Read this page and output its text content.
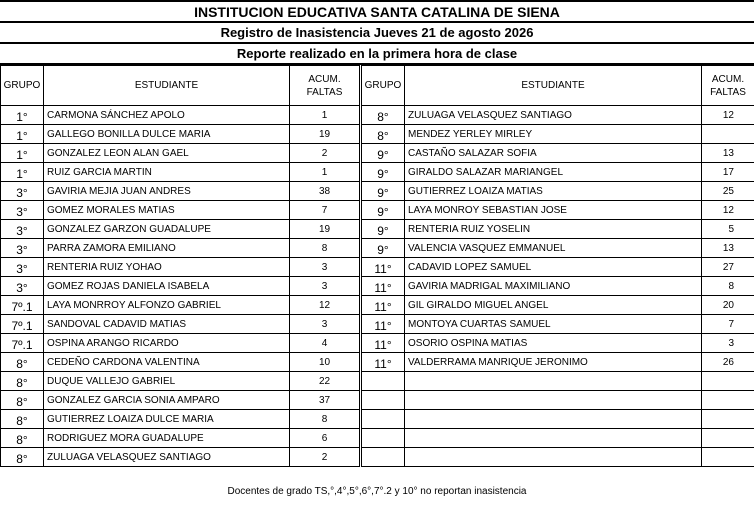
INSTITUCION EDUCATIVA SANTA CATALINA DE SIENA
Registro de Inasistencia Jueves 21 de agosto 2026
Reporte realizado en la primera hora de clase
GRUPO	ESTUDIANTE	ACUM.
FALTAS
1°	CARMONA SÁNCHEZ APOLO	1
1°	GALLEGO BONILLA DULCE MARIA	19
1°	GONZALEZ LEON ALAN GAEL	2
1°	RUIZ GARCIA MARTIN	1
3°	GAVIRIA MEJIA JUAN ANDRES	38
3°	GOMEZ MORALES MATIAS	7
3°	GONZALEZ GARZON GUADALUPE	19
3°	PARRA ZAMORA EMILIANO	8
3°	RENTERIA RUIZ YOHAO	3
3°	GOMEZ ROJAS DANIELA ISABELA	3
7º.1	LAYA MONRROY ALFONZO GABRIEL	12
7º.1	SANDOVAL CADAVID MATIAS	3
7º.1	OSPINA ARANGO RICARDO	4
8°	CEDEÑO CARDONA VALENTINA	10
8°	DUQUE VALLEJO GABRIEL	22
8°	GONZALEZ GARCIA SONIA AMPARO	37
8°	GUTIERREZ LOAIZA DULCE MARIA	8
8°	RODRIGUEZ MORA GUADALUPE	6
8°	ZULUAGA VELASQUEZ SANTIAGO	2
GRUPO	ESTUDIANTE	ACUM.
FALTAS
8°	ZULUAGA VELASQUEZ SANTIAGO	12
8°	MENDEZ YERLEY MIRLEY	
9°	CASTAÑO SALAZAR SOFIA	13
9°	GIRALDO SALAZAR MARIANGEL	17
9°	GUTIERREZ LOAIZA MATIAS	25
9°	LAYA MONROY SEBASTIAN JOSE	12
9°	RENTERIA RUIZ YOSELIN	5
9°	VALENCIA VASQUEZ EMMANUEL	13
11°	CADAVID LOPEZ SAMUEL	27
11°	GAVIRIA MADRIGAL MAXIMILIANO	8
11°	GIL GIRALDO MIGUEL ANGEL	20
11°	MONTOYA CUARTAS SAMUEL	7
11°	OSORIO OSPINA MATIAS	3
11°	VALDERRAMA MANRIQUE JERONIMO	26

Docentes de grado TS,°,4°,5°,6°,7°.2 y 10° no reportan inasistencia
